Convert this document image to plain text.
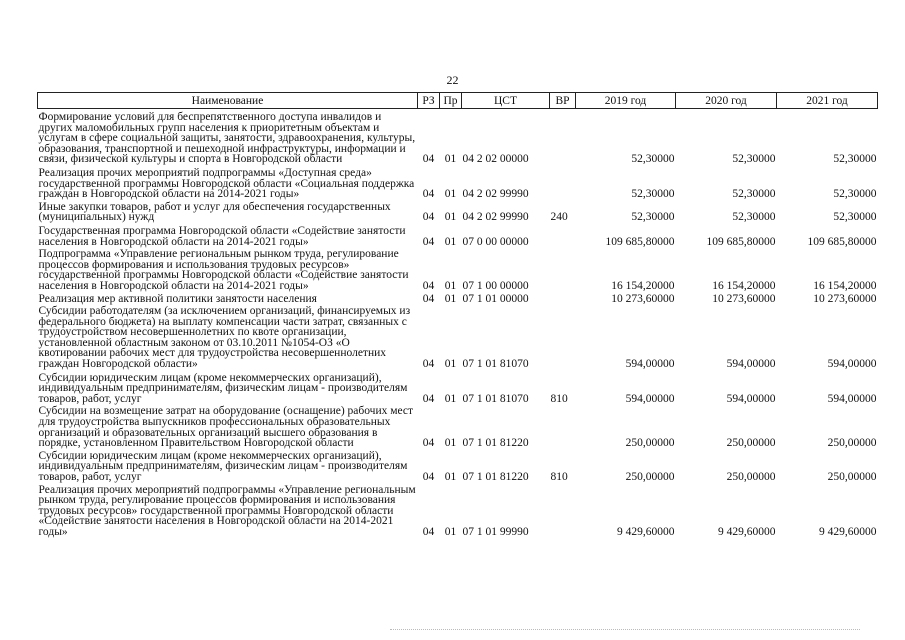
22
Наименование	РЗ	Пр	ЦСТ	ВР	2019 год	2020 год	2021 год
Формирование условий для беспрепятственного доступа инвалидов и других маломобильных групп населения к приоритетным объектам и услугам в сфере социальной защиты, занятости, здравоохранения, культуры, образования, транспортной и пешеходной инфраструктуры, информации и связи, физической культуры и спорта в Новгородской области	04	01	04 2 02 00000		52,30000	52,30000	52,30000
Реализация прочих мероприятий подпрограммы «Доступная среда» государственной программы Новгородской области «Социальная поддержка граждан в Новгородской области на 2014-2021 годы»	04	01	04 2 02 99990		52,30000	52,30000	52,30000
Иные закупки товаров, работ и услуг для обеспечения государственных (муниципальных) нужд	04	01	04 2 02 99990	240	52,30000	52,30000	52,30000
Государственная программа Новгородской области «Содействие занятости населения в Новгородской области на 2014-2021 годы»	04	01	07 0 00 00000		109 685,80000	109 685,80000	109 685,80000
Подпрограмма «Управление региональным рынком труда, регулирование процессов формирования и использования трудовых ресурсов» государственной программы Новгородской области «Содействие занятости населения в Новгородской области на 2014-2021 годы»	04	01	07 1 00 00000		16 154,20000	16 154,20000	16 154,20000
Реализация мер активной политики занятости населения	04	01	07 1 01 00000		10 273,60000	10 273,60000	10 273,60000
Субсидии работодателям (за исключением организаций, финансируемых из федерального бюджета) на выплату компенсации части затрат, связанных с трудоустройством несовершеннолетних по квоте организации, установленной областным законом от 03.10.2011 №1054-ОЗ «О квотировании рабочих мест для трудоустройства несовершеннолетних граждан Новгородской области»	04	01	07 1 01 81070		594,00000	594,00000	594,00000
Субсидии юридическим лицам (кроме некоммерческих организаций), индивидуальным предпринимателям, физическим лицам - производителям товаров, работ, услуг	04	01	07 1 01 81070	810	594,00000	594,00000	594,00000
Субсидии на возмещение затрат на оборудование (оснащение) рабочих мест для трудоустройства выпускников профессиональных образовательных организаций и образовательных организаций высшего образования в порядке, установленном Правительством Новгородской области	04	01	07 1 01 81220		250,00000	250,00000	250,00000
Субсидии юридическим лицам (кроме некоммерческих организаций), индивидуальным предпринимателям, физическим лицам - производителям товаров, работ, услуг	04	01	07 1 01 81220	810	250,00000	250,00000	250,00000
Реализация прочих мероприятий подпрограммы «Управление региональным рынком труда, регулирование процессов формирования и использования трудовых ресурсов» государственной программы Новгородской области «Содействие занятости населения в Новгородской области на 2014-2021 годы»	04	01	07 1 01 99990		9 429,60000	9 429,60000	9 429,60000
